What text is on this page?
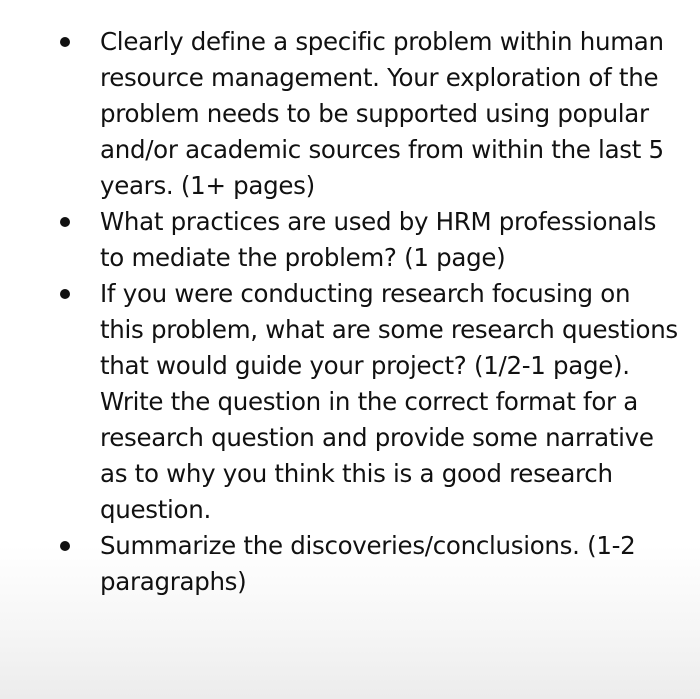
Clearly define a specific problem within human resource management. Your exploration of the problem needs to be supported using popular and/or academic sources from within the last 5 years. (1+ pages)
What practices are used by HRM professionals to mediate the problem? (1 page)
If you were conducting research focusing on this problem, what are some research questions that would guide your project? (1/2-1 page). Write the question in the correct format for a research question and provide some narrative as to why you think this is a good research question.
Summarize the discoveries/conclusions. (1-2 paragraphs)
